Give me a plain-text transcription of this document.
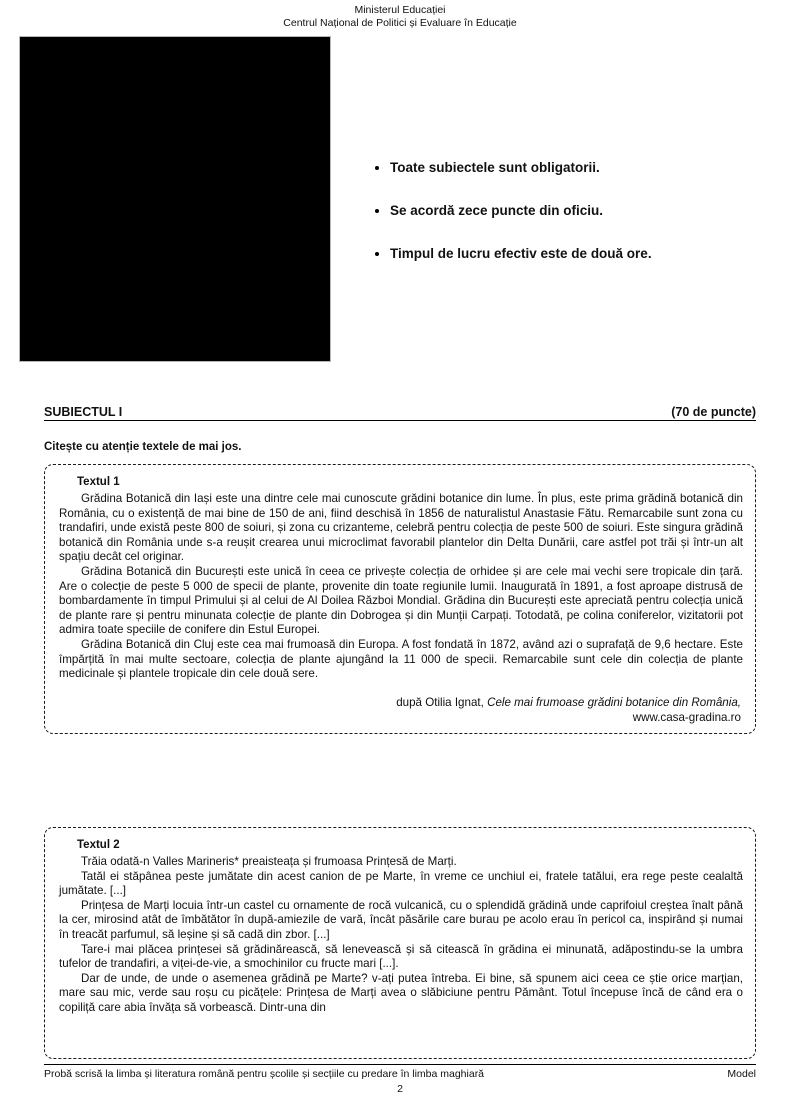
Ministerul Educației
Centrul Național de Politici și Evaluare în Educație
Toate subiectele sunt obligatorii.
Se acordă zece puncte din oficiu.
Timpul de lucru efectiv este de două ore.
SUBIECTUL I	(70 de puncte)
Citește cu atenție textele de mai jos.
Textul 1

Grădina Botanică din Iași este una dintre cele mai cunoscute grădini botanice din lume. În plus, este prima grădină botanică din România, cu o existență de mai bine de 150 de ani, fiind deschisă în 1856 de naturalistul Anastasie Fătu. Remarcabile sunt zona cu trandafiri, unde există peste 800 de soiuri, și zona cu crizanteme, celebră pentru colecția de peste 500 de soiuri. Este singura grădină botanică din România unde s-a reușit crearea unui microclimat favorabil plantelor din Delta Dunării, care astfel pot trăi și într-un alt spațiu decât cel originar.

Grădina Botanică din București este unică în ceea ce privește colecția de orhidee și are cele mai vechi sere tropicale din țară. Are o colecție de peste 5 000 de specii de plante, provenite din toate regiunile lumii. Inaugurată în 1891, a fost aproape distrusă de bombardamente în timpul Primului și al celui de Al Doilea Război Mondial. Grădina din București este apreciată pentru colecția unică de plante rare și pentru minunata colecție de plante din Dobrogea și din Munții Carpați. Totodată, pe colina coniferelor, vizitatorii pot admira toate speciile de conifere din Estul Europei.

Grădina Botanică din Cluj este cea mai frumoasă din Europa. A fost fondată în 1872, având azi o suprafață de 9,6 hectare. Este împărțită în mai multe sectoare, colecția de plante ajungând la 11 000 de specii. Remarcabile sunt cele din colecția de plante medicinale și plantele tropicale din cele două sere.

după Otilia Ignat, Cele mai frumoase grădini botanice din România,
www.casa-gradina.ro
Textul 2

Trăia odată-n Valles Marineris* preaisteața și frumoasa Prințesă de Marți.

Tatăl ei stăpânea peste jumătate din acest canion de pe Marte, în vreme ce unchiul ei, fratele tatălui, era rege peste cealaltă jumătate. [...]

Prințesa de Marți locuia într-un castel cu ornamente de rocă vulcanică, cu o splendidă grădină unde caprifoiul creștea înalt până la cer, mirosind atât de îmbătător în după-amiezile de vară, încât păsările care burau pe acolo erau în pericol ca, inspirând și numai în treacăt parfumul, să leșine și să cadă din zbor. [...]

Tare-i mai plăcea prințesei să grădinărească, să lenevească și să citească în grădina ei minunată, adăpostindu-se la umbra tufelor de trandafiri, a viței-de-vie, a smochinilor cu fructe mari [...].

Dar de unde, de unde o asemenea grădină pe Marte? v-ați putea întreba. Ei bine, să spunem aici ceea ce știe orice marțian, mare sau mic, verde sau roșu cu picățele: Prințesa de Marți avea o slăbiciune pentru Pământ. Totul începuse încă de când era o copiliță care abia învăța să vorbească. Dintr-una din

Probă scrisă la limba și literatura română pentru școlile și secțiile cu predare în limba maghiară	Model
2
